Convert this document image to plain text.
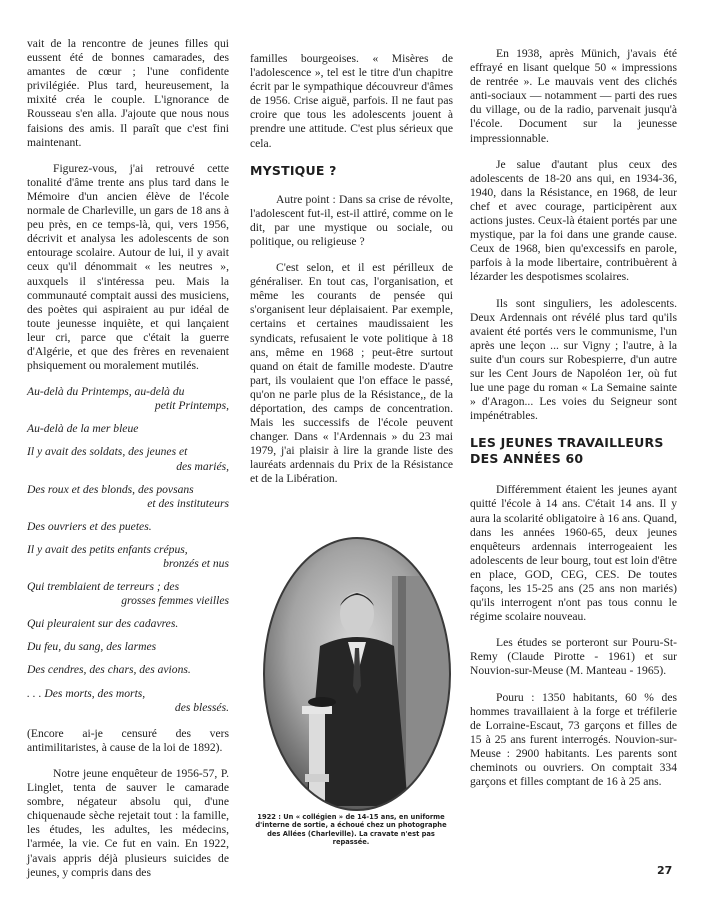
vait de la rencontre de jeunes filles qui eussent été de bonnes camarades, des amantes de cœur ; l'une confidente privilégiée. Plus tard, heureusement, la mixité créa le couple. L'ignorance de Rousseau s'en alla. J'ajoute que nous nous faisions des amis. Il paraît que c'est fini maintenant.

Figurez-vous, j'ai retrouvé cette tonalité d'âme trente ans plus tard dans le Mémoire d'un ancien élève de l'école normale de Charleville, un gars de 18 ans à peu près, en ce temps-là, qui, vers 1956, décrivit et analysa les adolescents de son entourage scolaire. Autour de lui, il y avait ceux qu'il dénommait « les neutres », auxquels il s'intéressa peu. Mais la communauté comptait aussi des musiciens, des poètes qui aspiraient au pur idéal de toute jeunesse inquiète, et qui lançaient leur cri, parce que c'était la guerre d'Algérie, et que des frères en revenaient phsiquement ou moralement mutilés.

Au-delà du Printemps, au-delà du
petit Printemps,
Au-delà de la mer bleue
Il y avait des soldats, des jeunes et
des mariés,
Des roux et des blonds, des povsans
et des instituteurs
Des ouvriers et des puetes.
Il y avait des petits enfants crépus,
bronzés et nus
Qui tremblaient de terreurs ; des
grosses femmes vieilles
Qui pleuraient sur des cadavres.
Du feu, du sang, des larmes
Des cendres, des chars, des avions.
. . . Des morts, des morts,
des blessés.

(Encore ai-je censuré des vers antimilitaristes, à cause de la loi de 1892).

Notre jeune enquêteur de 1956-57, P. Linglet, tenta de sauver le camarade sombre, négateur absolu qui, d'une chiquenaude sèche rejetait tout : la famille, les études, les adultes, les médecins, l'armée, la vie. Ce fut en vain. En 1922, j'avais appris déjà plusieurs suicides de jeunes, y compris dans des

familles bourgeoises. « Misères de l'adolescence », tel est le titre d'un chapitre écrit par le sympathique découvreur d'âmes de 1956. Crise aiguë, parfois. Il ne faut pas croire que tous les adolescents jouent à prendre une attitude. C'est plus sérieux que cela.

MYSTIQUE ?

Autre point : Dans sa crise de révolte, l'adolescent fut-il, est-il attiré, comme on le dit, par une mystique ou sociale, ou politique, ou religieuse ?

C'est selon, et il est périlleux de généraliser. En tout cas, l'organisation, et même les courants de pensée qui s'organisent leur déplaisaient. Par exemple, certains et certaines maudissaient les syndicats, refusaient le vote politique à 18 ans, même en 1968 ; peut-être surtout quand on était de famille modeste. D'autre part, ils voulaient que l'on efface le passé, qu'on ne parle plus de la Résistance,, de la déportation, des camps de concentration. Mais les successifs de l'école peuvent changer. Dans « l'Ardennais » du 23 mai 1979, j'ai plaisir à lire la grande liste des lauréats ardennais du Prix de la Résistance et de la Libération.

1922 : Un « collégien » de 14-15 ans, en uniforme d'interne de sortie, a échoué chez un photographe des Allées (Charleville). La cravate n'est pas repassée.

En 1938, après Münich, j'avais été effrayé en lisant quelque 50 « impressions de rentrée ». Le mauvais vent des clichés anti-sociaux — notamment — parti des rues du village, ou de la radio, parvenait jusqu'à l'école. Document sur la jeunesse impressionnable.

Je salue d'autant plus ceux des adolescents de 18-20 ans qui, en 1934-36, 1940, dans la Résistance, en 1968, de leur chef et avec courage, participèrent aux actions justes. Ceux-là étaient portés par une mystique, par la foi dans une grande cause. Ceux de 1968, bien qu'excessifs en parole, parfois à la mode libertaire, contribuèrent à lézarder les despotismes scolaires.

Ils sont singuliers, les adolescents. Deux Ardennais ont révélé plus tard qu'ils avaient été portés vers le communisme, l'un après une leçon ... sur Vigny ; l'autre, à la suite d'un cours sur Robespierre, d'un autre sur les Cent Jours de Napoléon 1er, où fut lue une page du roman « La Semaine sainte » d'Aragon... Les voies du Seigneur sont impénétrables.

LES JEUNES TRAVAILLEURS DES ANNÉES 60

Différemment étaient les jeunes ayant quitté l'école à 14 ans. C'était 14 ans. Il y aura la scolarité obligatoire à 16 ans. Quand, dans les années 1960-65, deux jeunes enquêteurs ardennais interrogeaient les adolescents de leur bourg, tout est loin d'être en place, GOD, CEG, CES. De toutes façons, les 15-25 ans (25 ans non mariés) qu'ils interrogent n'ont pas tous connu le régime scolaire nouveau.

Les études se porteront sur Pouru-St-Remy (Claude Pirotte - 1961) et sur Nouvion-sur-Meuse (M. Manteau - 1965).

Pouru : 1350 habitants, 60 % des hommes travaillaient à la forge et tréfilerie de Lorraine-Escaut, 73 garçons et filles de 15 à 25 ans furent interrogés. Nouvion-sur-Meuse : 2900 habitants. Les parents sont cheminots ou ouvriers. On comptait 334 garçons et filles comptant de 16 à 25 ans.

27
